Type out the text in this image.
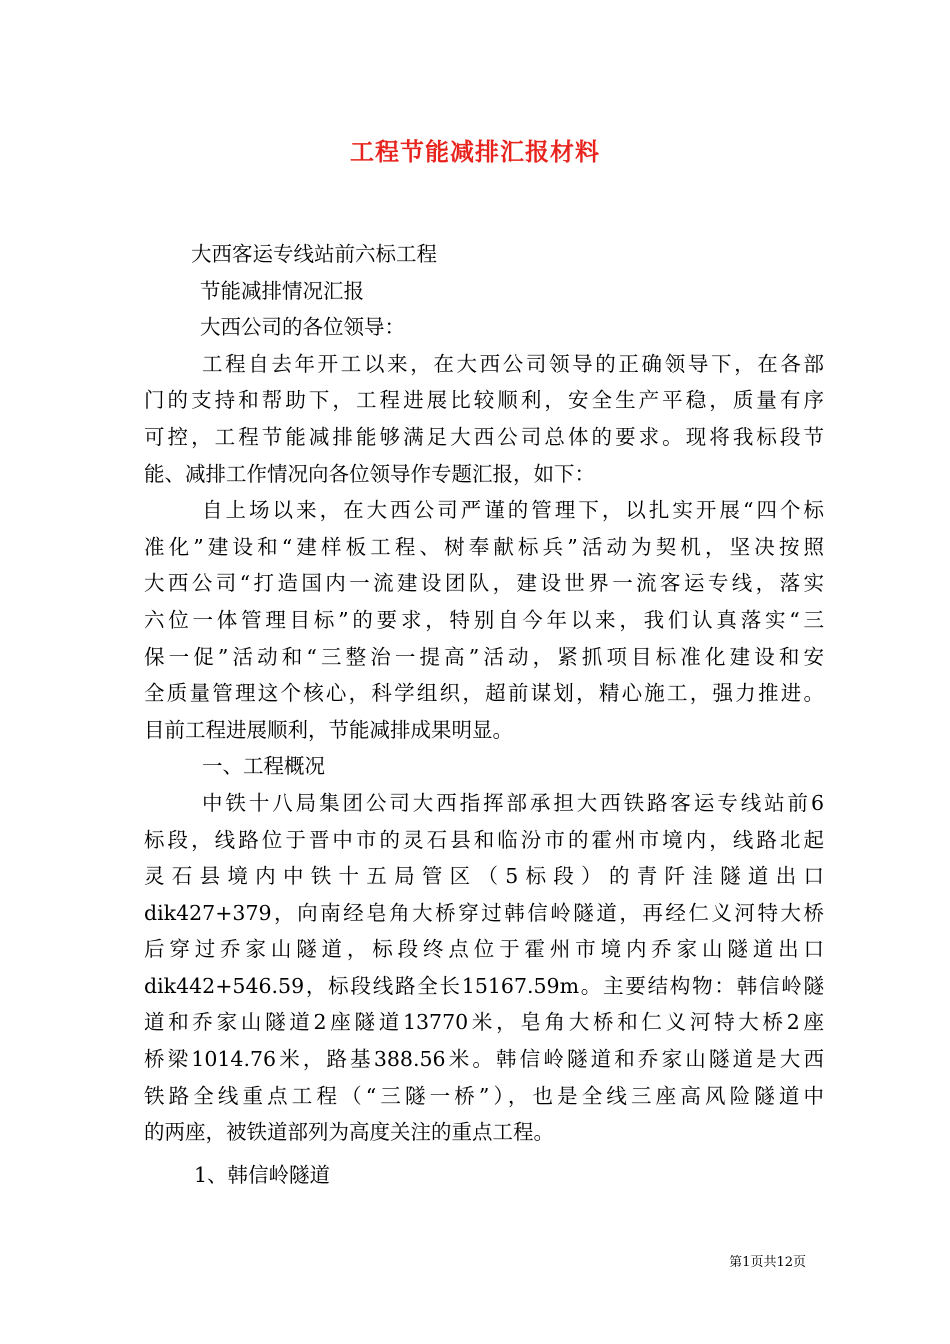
工程节能减排汇报材料
大西客运专线站前六标工程
节能减排情况汇报
大西公司的各位领导：
工程自去年开工以来，在大西公司领导的正确领导下，在各部
门的支持和帮助下，工程进展比较顺利，安全生产平稳，质量有序
可控，工程节能减排能够满足大西公司总体的要求。现将我标段节
能、减排工作情况向各位领导作专题汇报，如下：
自上场以来，在大西公司严谨的管理下，以扎实开展“四个标
准化”建设和“建样板工程、树奉献标兵”活动为契机，坚决按照
大西公司“打造国内一流建设团队，建设世界一流客运专线，落实
六位一体管理目标”的要求，特别自今年以来，我们认真落实“三
保一促”活动和“三整治一提高”活动，紧抓项目标准化建设和安
全质量管理这个核心，科学组织，超前谋划，精心施工，强力推进。
目前工程进展顺利，节能减排成果明显。
一、工程概况
中铁十八局集团公司大西指挥部承担大西铁路客运专线站前6
标段，线路位于晋中市的灵石县和临汾市的霍州市境内，线路北起
灵石县境内中铁十五局管区（5标段）的青阡洼隧道出口
dik427+379，向南经皂角大桥穿过韩信岭隧道，再经仁义河特大桥
后穿过乔家山隧道，标段终点位于霍州市境内乔家山隧道出口
dik442+546.59，标段线路全长15167.59m。主要结构物：韩信岭隧
道和乔家山隧道2座隧道13770米，皂角大桥和仁义河特大桥2座
桥梁1014.76米，路基388.56米。韩信岭隧道和乔家山隧道是大西
铁路全线重点工程（“三隧一桥”），也是全线三座高风险隧道中
的两座，被铁道部列为高度关注的重点工程。
1、韩信岭隧道
第1页共12页
